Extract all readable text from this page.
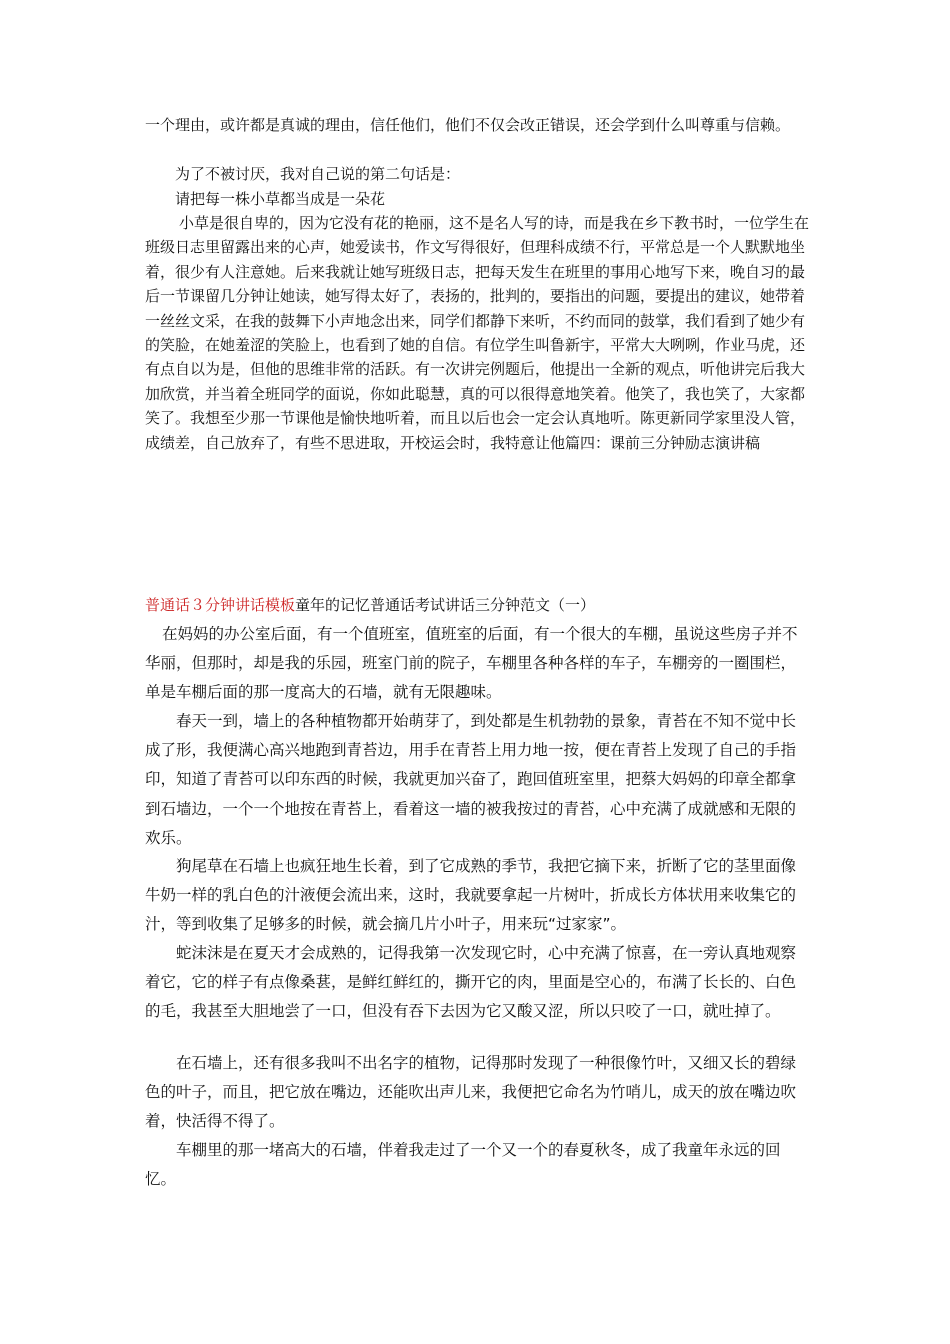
一个理由，或许都是真诚的理由，信任他们，他们不仅会改正错误，还会学到什么叫尊重与信赖。

为了不被讨厌，我对自己说的第二句话是：

请把每一株小草都当成是一朵花

小草是很自卑的，因为它没有花的艳丽，这不是名人写的诗，而是我在乡下教书时，一位学生在班级日志里留露出来的心声，她爱读书，作文写得很好，但理科成绩不行，平常总是一个人默默地坐着，很少有人注意她。后来我就让她写班级日志，把每天发生在班里的事用心地写下来，晚自习的最后一节课留几分钟让她读，她写得太好了，表扬的，批判的，要指出的问题，要提出的建议，她带着一丝丝文采，在我的鼓舞下小声地念出来，同学们都静下来听，不约而同的鼓掌，我们看到了她少有的笑脸，在她羞涩的笑脸上，也看到了她的自信。有位学生叫鲁新宇，平常大大咧咧，作业马虎，还有点自以为是，但他的思维非常的活跃。有一次讲完例题后，他提出一全新的观点，听他讲完后我大加欣赏，并当着全班同学的面说，你如此聪慧，真的可以很得意地笑着。他笑了，我也笑了，大家都笑了。我想至少那一节课他是愉快地听着，而且以后也会一定会认真地听。陈更新同学家里没人管，成绩差，自己放弃了，有些不思进取，开校运会时，我特意让他篇四：课前三分钟励志演讲稿

普通话３分钟讲话模板童年的记忆普通话考试讲话三分钟范文（一）

在妈妈的办公室后面，有一个值班室，值班室的后面，有一个很大的车棚，虽说这些房子并不华丽，但那时，却是我的乐园，班室门前的院子，车棚里各种各样的车子，车棚旁的一圈围栏，单是车棚后面的那一度高大的石墙，就有无限趣味。

春天一到，墙上的各种植物都开始萌芽了，到处都是生机勃勃的景象，青苔在不知不觉中长成了形，我便满心高兴地跑到青苔边，用手在青苔上用力地一按，便在青苔上发现了自己的手指印，知道了青苔可以印东西的时候，我就更加兴奋了，跑回值班室里，把蔡大妈妈的印章全都拿到石墙边，一个一个地按在青苔上，看着这一墙的被我按过的青苔，心中充满了成就感和无限的欢乐。

狗尾草在石墙上也疯狂地生长着，到了它成熟的季节，我把它摘下来，折断了它的茎里面像牛奶一样的乳白色的汁液便会流出来，这时，我就要拿起一片树叶，折成长方体状用来收集它的汁，等到收集了足够多的时候，就会摘几片小叶子，用来玩“过家家”。

蛇沫沫是在夏天才会成熟的，记得我第一次发现它时，心中充满了惊喜，在一旁认真地观察着它，它的样子有点像桑葚，是鲜红鲜红的，撕开它的肉，里面是空心的，布满了长长的、白色的毛，我甚至大胆地尝了一口，但没有吞下去因为它又酸又涩，所以只咬了一口，就吐掉了。

在石墙上，还有很多我叫不出名字的植物，记得那时发现了一种很像竹叶，又细又长的碧绿色的叶子，而且，把它放在嘴边，还能吹出声儿来，我便把它命名为竹哨儿，成天的放在嘴边吹着，快活得不得了。

车棚里的那一堵高大的石墙，伴着我走过了一个又一个的春夏秋冬，成了我童年永远的回忆。
